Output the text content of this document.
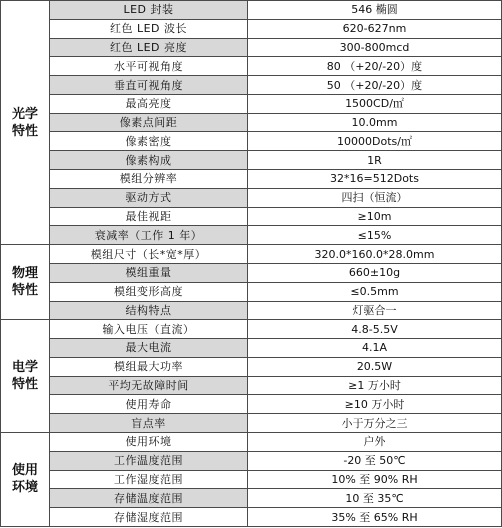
光学
特性	LED 封装	546 椭圆
	红色 LED 波长	620-627nm
	红色 LED 亮度	300-800mcd
	水平可视角度	80 （+20/-20）度
	垂直可视角度	50 （+20/-20）度
	最高亮度	1500CD/㎡
	像素点间距	10.0mm
	像素密度	10000Dots/㎡
	像素构成	1R
	模组分辨率	32*16=512Dots
	驱动方式	四扫（恒流）
	最佳视距	≥10m
	衰减率（工作 1 年）	≤15%
物理
特性	模组尺寸（长*宽*厚）	320.0*160.0*28.0mm
	模组重量	660±10g
	模组变形高度	≤0.5mm
	结构特点	灯驱合一
电学
特性	输入电压（直流）	4.8-5.5V
	最大电流	4.1A
	模组最大功率	20.5W
	平均无故障时间	≥1 万小时
	使用寿命	≥10 万小时
	盲点率	小于万分之三
使用
环境	使用环境	户外
	工作温度范围	-20 至 50℃
	工作湿度范围	10% 至 90% RH
	存储温度范围	10 至 35℃
	存储湿度范围	35% 至 65% RH
